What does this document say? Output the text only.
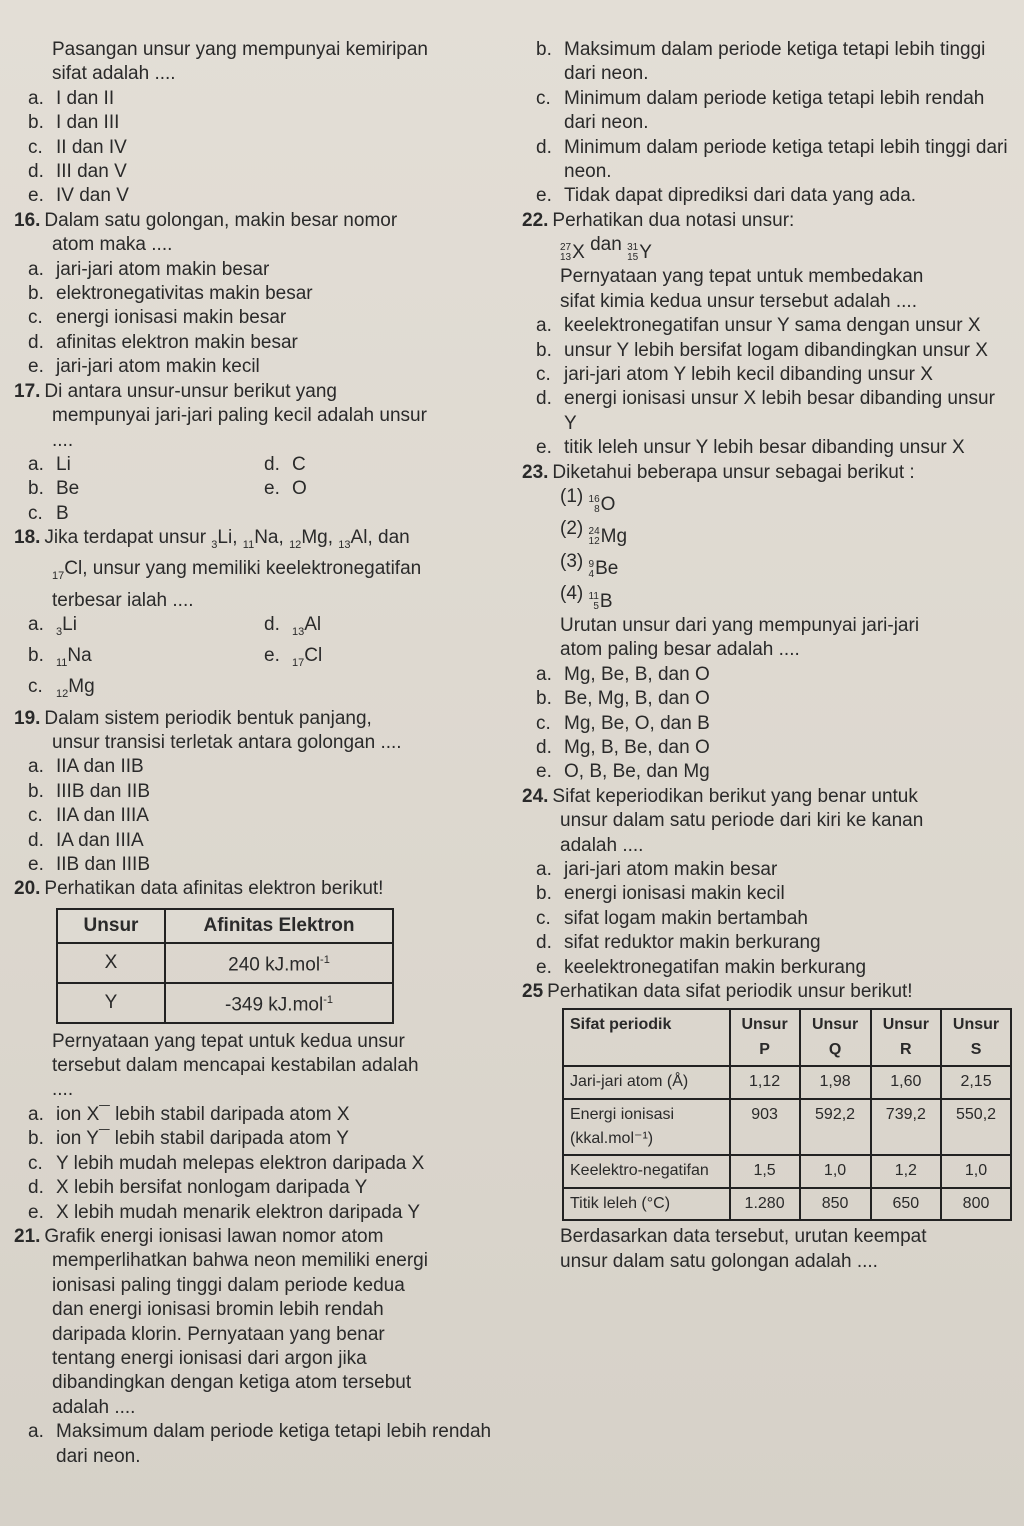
Pasangan unsur yang mempunyai kemiripan
sifat adalah ....
a. I dan II
b. I dan III
c. II dan IV
d. III dan V
e. IV dan V
16. Dalam satu golongan, makin besar nomor
atom maka ....
a. jari-jari atom makin besar
b. elektronegativitas makin besar
c. energi ionisasi makin besar
d. afinitas elektron makin besar
e. jari-jari atom makin kecil
17. Di antara unsur-unsur berikut yang
mempunyai jari-jari paling kecil adalah unsur
....
a. Li	d. C
b. Be	e. O
c. B
18. Jika terdapat unsur $_3$Li, $_{11}$Na, $_{12}$Mg, $_{13}$Al, dan
$_{17}$Cl, unsur yang memiliki keelektronegatifan
terbesar ialah ....
a. $_3$Li	d. $_{13}$Al
b. $_{11}$Na	e. $_{17}$Cl
c. $_{12}$Mg
19. Dalam sistem periodik bentuk panjang,
unsur transisi terletak antara golongan ....
a. IIA dan IIB
b. IIIB dan IIB
c. IIA dan IIIA
d. IA dan IIIA
e. IIB dan IIIB
20. Perhatikan data afinitas elektron berikut!
Unsur	Afinitas Elektron
X	240 kJ.mol$^{-1}$
Y	-349 kJ.mol$^{-1}$
Pernyataan yang tepat untuk kedua unsur
tersebut dalam mencapai kestabilan adalah
....
a. ion X¯ lebih stabil daripada atom X
b. ion Y¯ lebih stabil daripada atom Y
c. Y lebih mudah melepas elektron daripada X
d. X lebih bersifat nonlogam daripada Y
e. X lebih mudah menarik elektron daripada Y
21. Grafik energi ionisasi lawan nomor atom
memperlihatkan bahwa neon memiliki energi
ionisasi paling tinggi dalam periode kedua
dan energi ionisasi bromin lebih rendah
daripada klorin. Pernyataan yang benar
tentang energi ionisasi dari argon jika
dibandingkan dengan ketiga atom tersebut
adalah ....
a. Maksimum dalam periode ketiga tetapi lebih rendah dari neon.
b. Maksimum dalam periode ketiga tetapi lebih tinggi dari neon.
c. Minimum dalam periode ketiga tetapi lebih rendah dari neon.
d. Minimum dalam periode ketiga tetapi lebih tinggi dari neon.
e. Tidak dapat diprediksi dari data yang ada.
22. Perhatikan dua notasi unsur:
27
13 X dan 31
15 Y
Pernyataan yang tepat untuk membedakan
sifat kimia kedua unsur tersebut adalah ....
a. keelektronegatifan unsur Y sama dengan unsur X
b. unsur Y lebih bersifat logam dibandingkan unsur X
c. jari-jari atom Y lebih kecil dibanding unsur X
d. energi ionisasi unsur X lebih besar dibanding unsur Y
e. titik leleh unsur Y lebih besar dibanding unsur X
23. Diketahui beberapa unsur sebagai berikut :
(1) 16
8 O
(2) 24
12 Mg
(3) 9
4 Be
(4) 11
5 B
Urutan unsur dari yang mempunyai jari-jari
atom paling besar adalah ....
a. Mg, Be, B, dan O
b. Be, Mg, B, dan O
c. Mg, Be, O, dan B
d. Mg, B, Be, dan O
e. O, B, Be, dan Mg
24. Sifat keperiodikan berikut yang benar untuk
unsur dalam satu periode dari kiri ke kanan
adalah ....
a. jari-jari atom makin besar
b. energi ionisasi makin kecil
c. sifat logam makin bertambah
d. sifat reduktor makin berkurang
e. keelektronegatifan makin berkurang
25 Perhatikan data sifat periodik unsur berikut!
Sifat periodik	Unsur P	Unsur Q	Unsur R	Unsur S
Jari-jari atom (Å)	1,12	1,98	1,60	2,15
Energi ionisasi (kkal.mol⁻¹)	903	592,2	739,2	550,2
Keelektro-negatifan	1,5	1,0	1,2	1,0
Titik leleh (°C)	1.280	850	650	800
Berdasarkan data tersebut, urutan keempat
unsur dalam satu golongan adalah ....
